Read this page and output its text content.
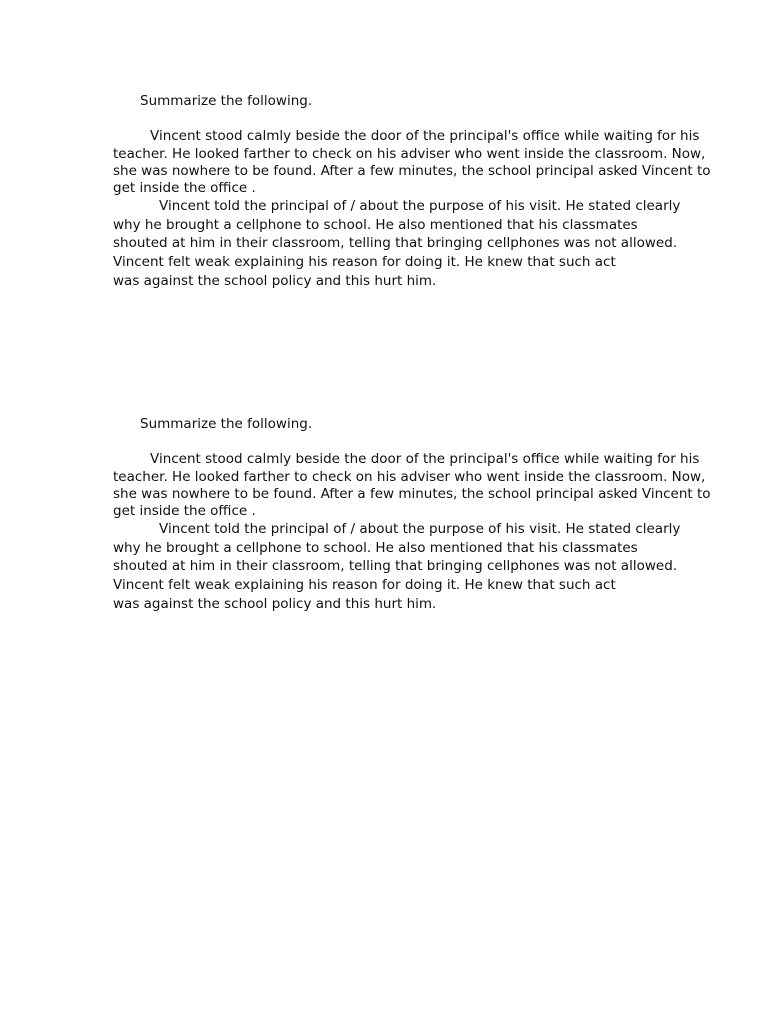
Summarize the following.
Vincent stood calmly beside the door of the principal's office while waiting for his
teacher. He looked farther to check on his adviser who went inside the classroom. Now,
she was nowhere to be found. After a few minutes, the school principal asked Vincent to
get inside the office .
Vincent told the principal of / about the purpose of his visit. He stated clearly
why he brought a cellphone to school. He also mentioned that his classmates
shouted at him in their classroom, telling that bringing cellphones was not allowed.
Vincent felt weak explaining his reason for doing it. He knew that such act
was against the school policy and this hurt him.
Summarize the following.
Vincent stood calmly beside the door of the principal's office while waiting for his
teacher. He looked farther to check on his adviser who went inside the classroom. Now,
she was nowhere to be found. After a few minutes, the school principal asked Vincent to
get inside the office .
Vincent told the principal of / about the purpose of his visit. He stated clearly
why he brought a cellphone to school. He also mentioned that his classmates
shouted at him in their classroom, telling that bringing cellphones was not allowed.
Vincent felt weak explaining his reason for doing it. He knew that such act
was against the school policy and this hurt him.
